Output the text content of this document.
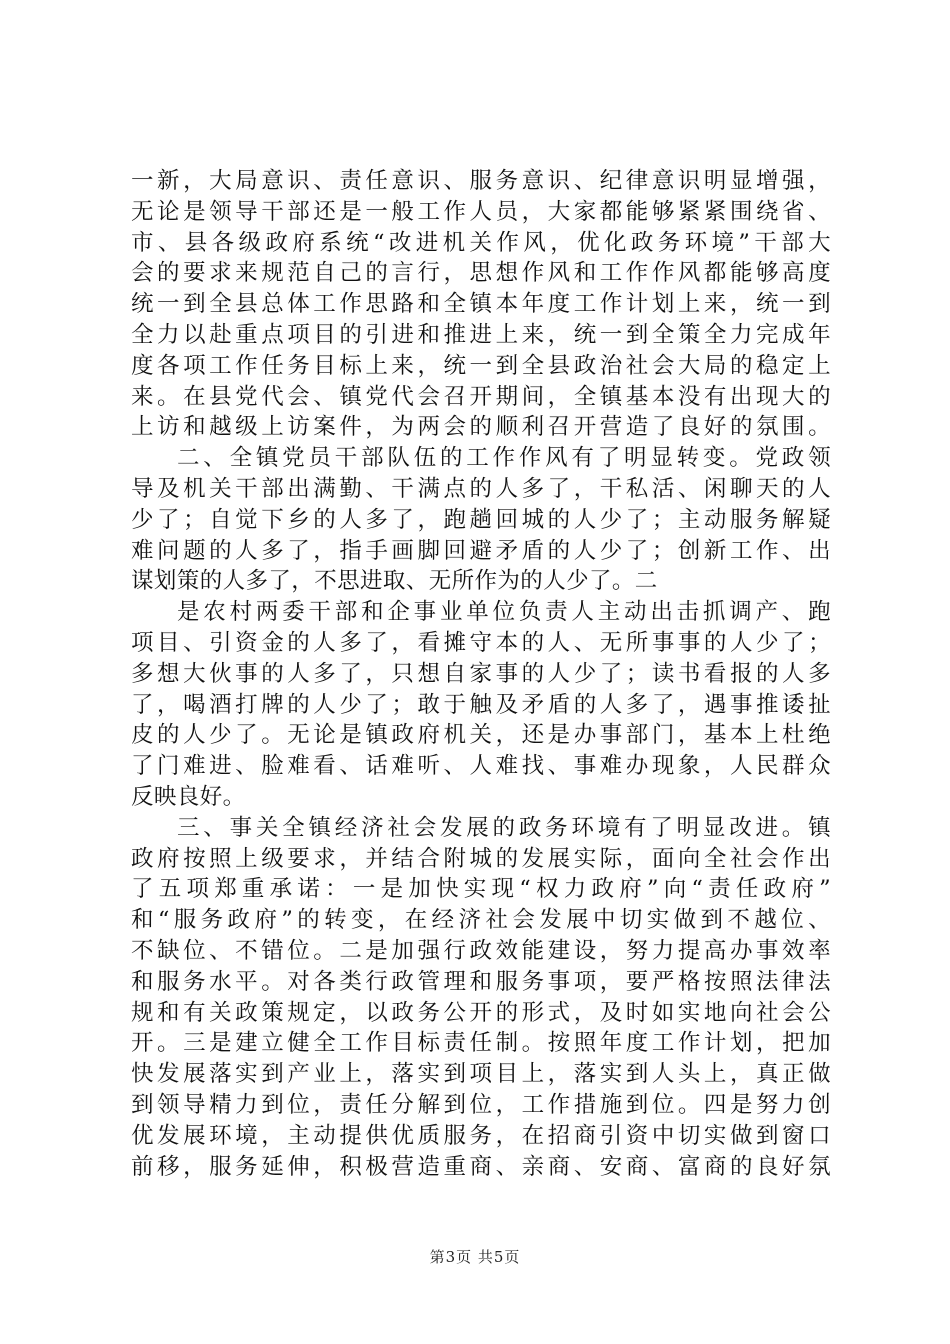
一新，大局意识、责任意识、服务意识、纪律意识明显增强，
无论是领导干部还是一般工作人员，大家都能够紧紧围绕省、
市、县各级政府系统“改进机关作风，优化政务环境”干部大
会的要求来规范自己的言行，思想作风和工作作风都能够高度
统一到全县总体工作思路和全镇本年度工作计划上来，统一到
全力以赴重点项目的引进和推进上来，统一到全策全力完成年
度各项工作任务目标上来，统一到全县政治社会大局的稳定上
来。在县党代会、镇党代会召开期间，全镇基本没有出现大的
上访和越级上访案件，为两会的顺利召开营造了良好的氛围。
二、全镇党员干部队伍的工作作风有了明显转变。党政领
导及机关干部出满勤、干满点的人多了，干私活、闲聊天的人
少了；自觉下乡的人多了，跑趟回城的人少了；主动服务解疑
难问题的人多了，指手画脚回避矛盾的人少了；创新工作、出
谋划策的人多了，不思进取、无所作为的人少了。二
是农村两委干部和企事业单位负责人主动出击抓调产、跑
项目、引资金的人多了，看摊守本的人、无所事事的人少了；
多想大伙事的人多了，只想自家事的人少了；读书看报的人多
了，喝酒打牌的人少了；敢于触及矛盾的人多了，遇事推诿扯
皮的人少了。无论是镇政府机关，还是办事部门，基本上杜绝
了门难进、脸难看、话难听、人难找、事难办现象，人民群众
反映良好。
三、事关全镇经济社会发展的政务环境有了明显改进。镇
政府按照上级要求，并结合附城的发展实际，面向全社会作出
了五项郑重承诺：一是加快实现“权力政府”向“责任政府”
和“服务政府”的转变，在经济社会发展中切实做到不越位、
不缺位、不错位。二是加强行政效能建设，努力提高办事效率
和服务水平。对各类行政管理和服务事项，要严格按照法律法
规和有关政策规定，以政务公开的形式，及时如实地向社会公
开。三是建立健全工作目标责任制。按照年度工作计划，把加
快发展落实到产业上，落实到项目上，落实到人头上，真正做
到领导精力到位，责任分解到位，工作措施到位。四是努力创
优发展环境，主动提供优质服务，在招商引资中切实做到窗口
前移，服务延伸，积极营造重商、亲商、安商、富商的良好氛
第3页 共5页
